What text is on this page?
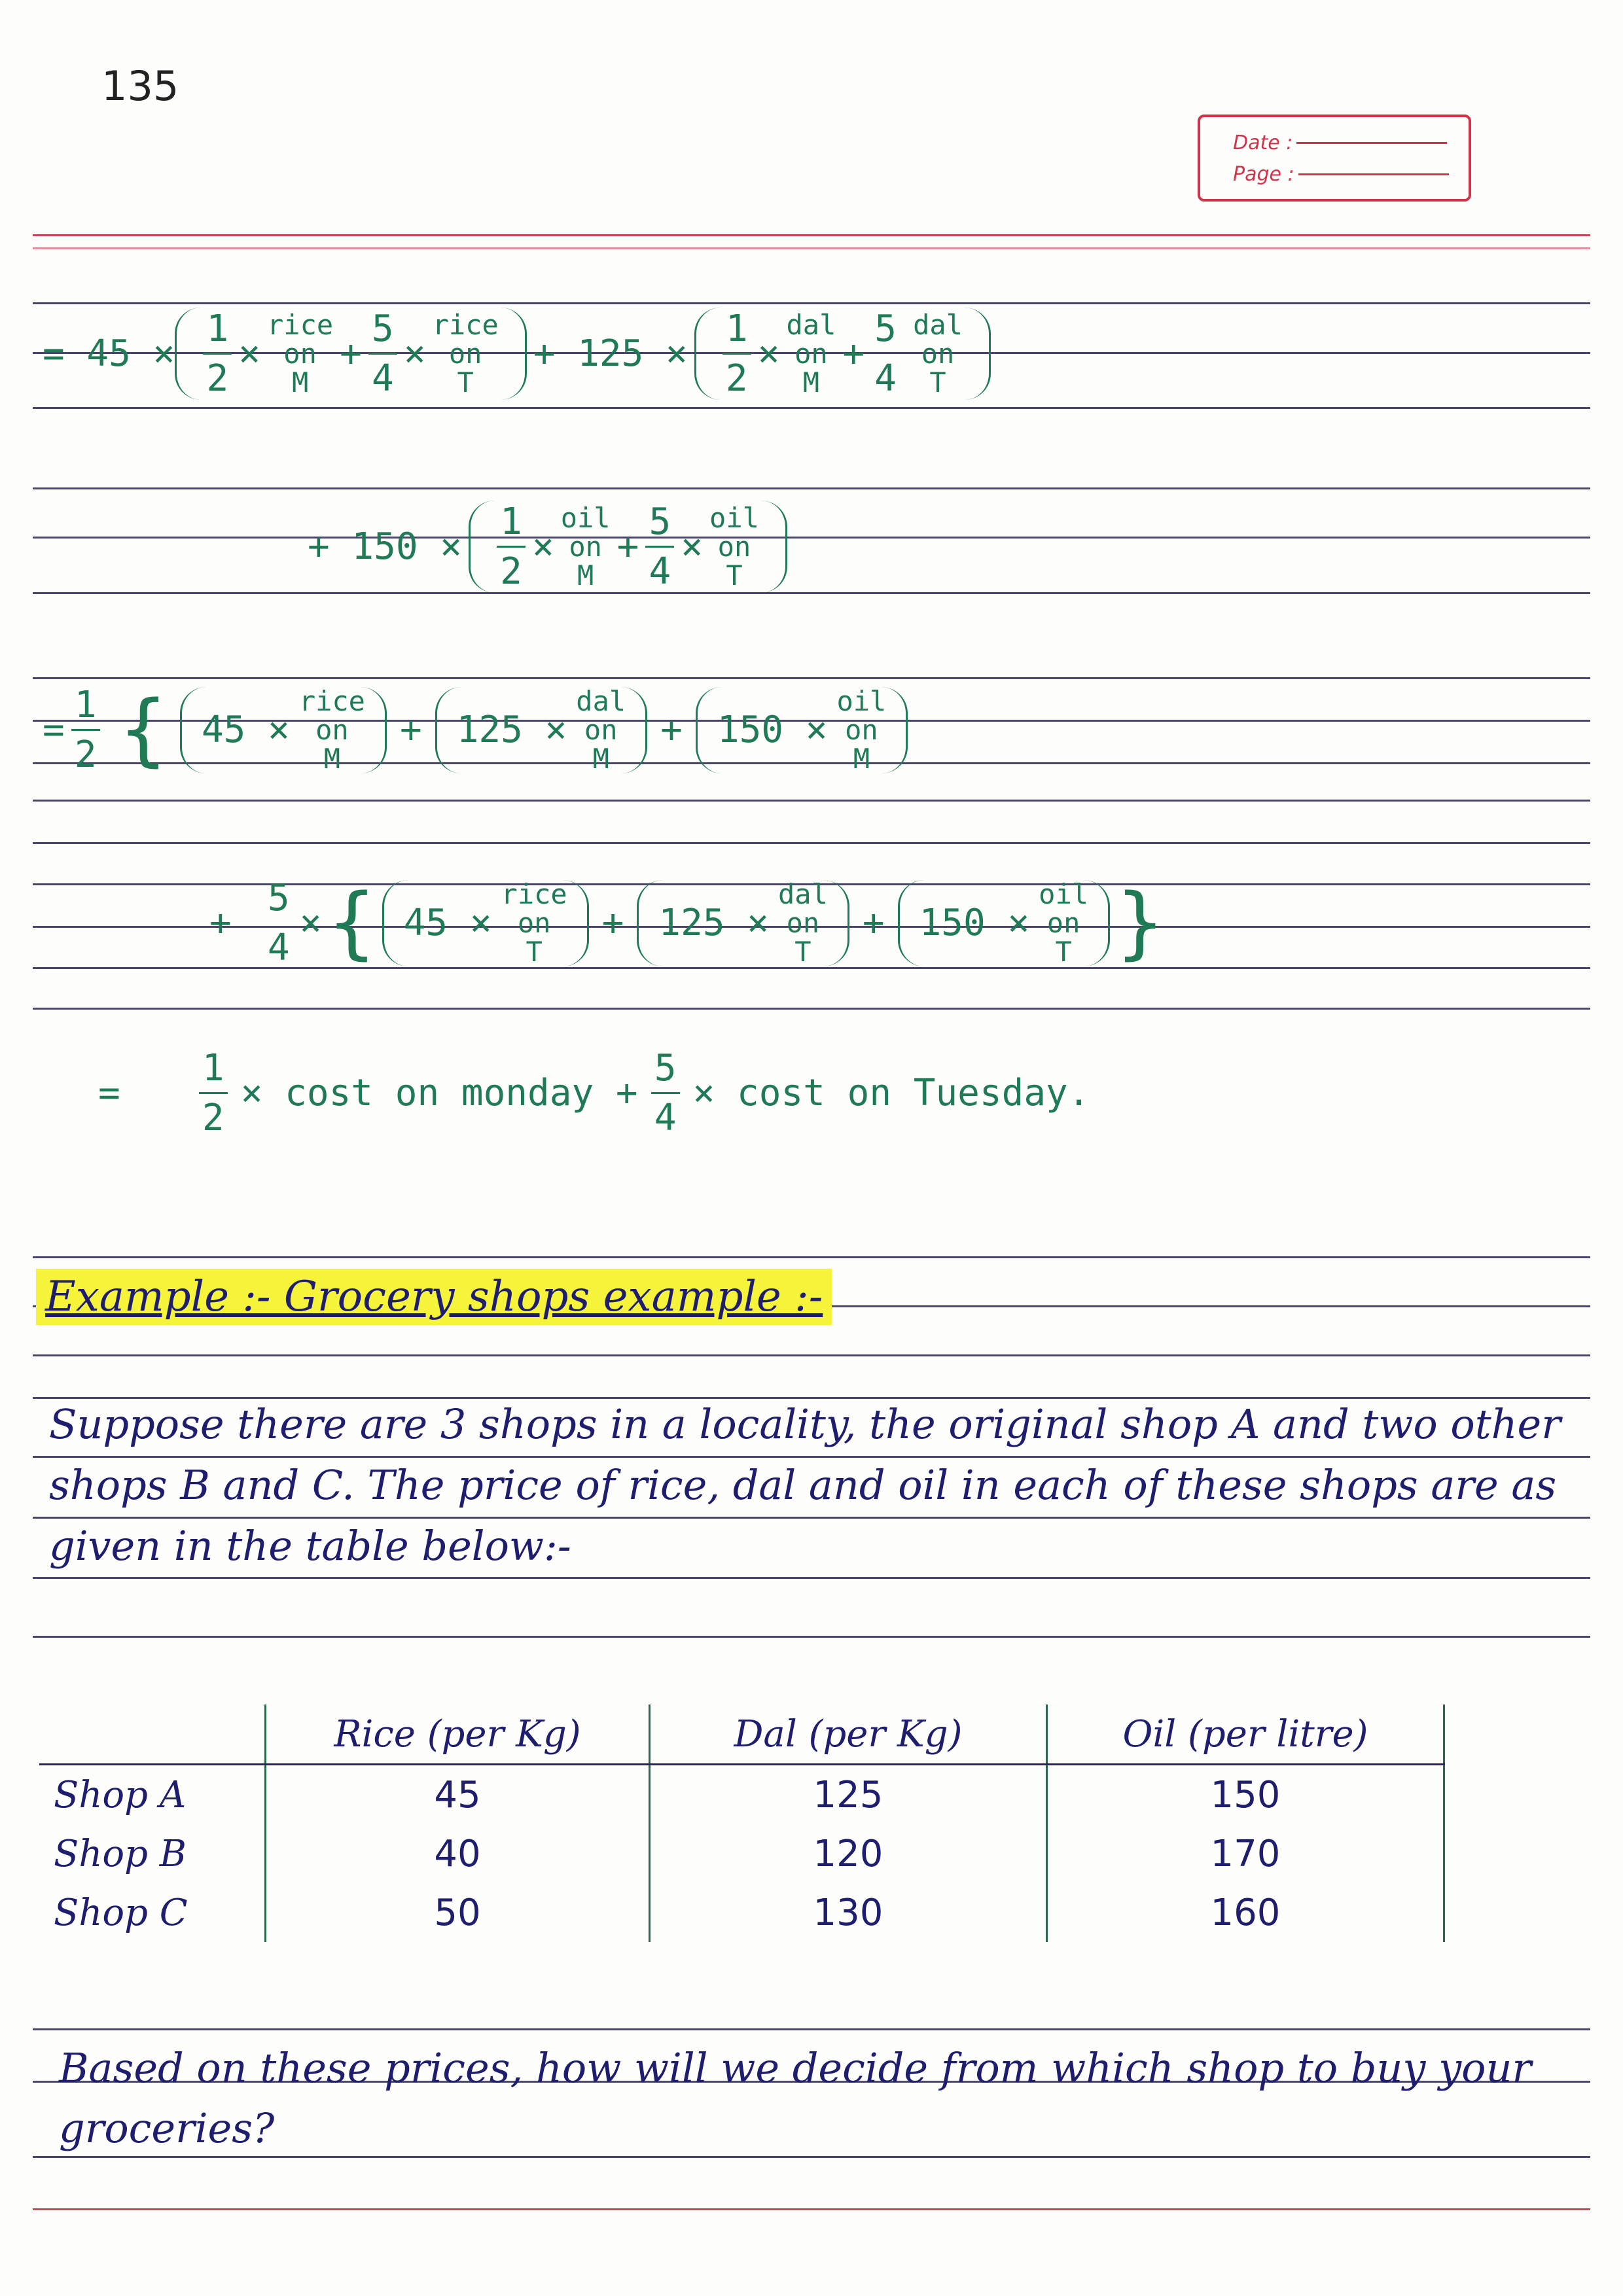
135
Date :
Page :
= $45 \times \frac{1}{2}$ ×
rice
on
M
+ $\frac{5}{4}$ ×
rice
on
T
+ $125 \times \frac{1}{2}$ ×
dal
on
M
+
5
4
dal
on
T
+ $150 \times \frac{1}{2}$ ×
oil
on
M
+ $\frac{5}{4}$ ×
oil
on
T
= $\frac{1}{2}$ { 45 ×
rice
on
M
+ 125 ×
dal
on
M
+ 150 ×
oil
on
M
+
5
4
× { 45 ×
rice
on
T
+ 125 ×
dal
on
T
+ 150 ×
oil
on
T }
= $\frac{1}{2} \times \cos t$ on monday + $\frac{5}{4} \times \cos t$ on Tuesday.
Example :- Grocery shops example :-
Suppose there are 3 shops in a locality, the original shop A and two other shops B and C. The price of rice, dal and oil in each of these shops are as given in the table below:-
	Rice (per Kg)	Dal (per Kg)	Oil (per litre)
Shop A	45	125	150
Shop B	40	120	170
Shop C	50	130	160
Based on these prices, how will we decide from which shop to buy your groceries?
